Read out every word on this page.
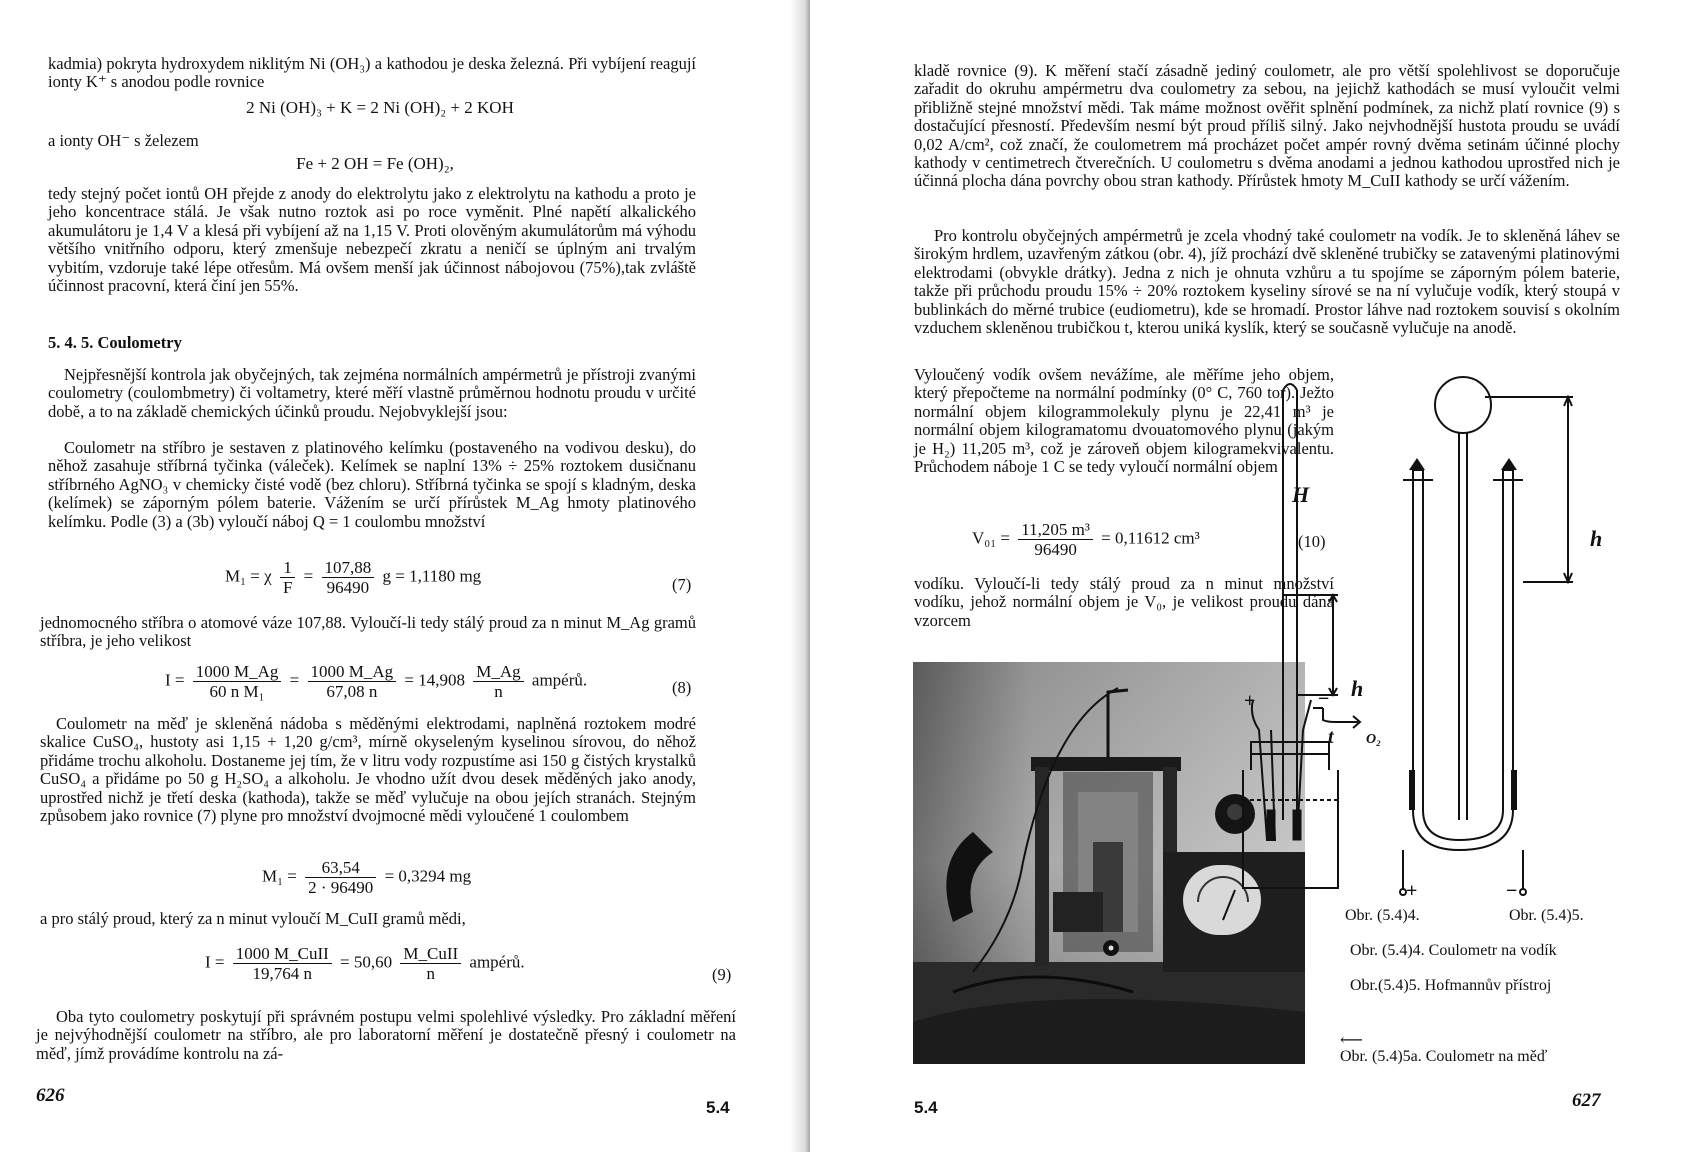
kadmia) pokryta hydroxydem niklitým Ni (OH₃) a kathodou je deska železná. Při vybíjení reagují ionty K⁺ s anodou podle rovnice
2 Ni (OH)₃ + K = 2 Ni (OH)₂ + 2 KOH
a ionty OH⁻ s železem
Fe + 2 OH = Fe (OH)₂,
tedy stejný počet iontů OH přejde z anody do elektrolytu jako z elektrolytu na kathodu a proto je jeho koncentrace stálá. Je však nutno roztok asi po roce vyměnit. Plné napětí alkalického akumulátoru je 1,4 V a klesá při vybíjení až na 1,15 V. Proti olověným akumulátorům má výhodu většího vnitřního odporu, který zmenšuje nebezpečí zkratu a neničí se úplným ani trvalým vybitím, vzdoruje také lépe otřesům. Má ovšem menší jak účinnost nábojovou (75%),tak zvláště účinnost pracovní, která činí jen 55%.
5. 4. 5. Coulometry
Nejpřesnější kontrola jak obyčejných, tak zejména normálních ampérmetrů je přístroji zvanými coulometry (coulombmetry) či voltametry, které měří vlastně průměrnou hodnotu proudu v určité době, a to na základě chemických účinků proudu. Nejobvyklejší jsou:
Coulometr na stříbro je sestaven z platinového kelímku (postaveného na vodivou desku), do něhož zasahuje stříbrná tyčinka (váleček). Kelímek se naplní 13% ÷ 25% roztokem dusičnanu stříbrného AgNO₃ v chemicky čisté vodě (bez chloru). Stříbrná tyčinka se spojí s kladným, deska (kelímek) se záporným pólem baterie. Vážením se určí přírůstek M_Ag hmoty platinového kelímku. Podle (3) a (3b) vyloučí náboj Q = 1 coulombu množství
M₁ = χ $\frac{1}{F} = \frac{107,88}{96490}$ g = 1,1180 mg	(7)
jednomocného stříbra o atomové váze 107,88. Vyloučí-li tedy stálý proud za n minut M_Ag gramů stříbra, je jeho velikost
$I = \frac{1000 M\_Ag}{\text{60 n M₁}} = \frac{1000 M\_Ag}{67,08 n} = 14,908 \frac{M\_Ag}{n}$ ampérů.	(8)
Coulometr na měď je skleněná nádoba s měděnými elektrodami, naplněná roztokem modré skalice CuSO₄, hustoty asi 1,15 + 1,20 g/cm³, mírně okyseleným kyselinou sírovou, do něhož přidáme trochu alkoholu. Dostaneme jej tím, že v litru vody rozpustíme asi 150 g čistých krystalků CuSO₄ a přidáme po 50 g H₂SO₄ a alkoholu. Je vhodno užít dvou desek měděných jako anody, uprostřed nichž je třetí deska (kathoda), takže se měď vylučuje na obou jejích stranách. Stejným způsobem jako rovnice (7) plyne pro množství dvojmocné mědi vyloučené 1 coulombem
$M_1 = \frac{63,54}{2 \cdot 96490} = 0,3294$ mg
a pro stálý proud, který za n minut vyloučí M_CuII gramů mědi,
$I = \frac{\text{1000 M\_CuII}}{19,764 n} = 50,60 \frac{\text{M\_CuII}}{n}$ ampérů.
(9)
Oba tyto coulometry poskytují při správném postupu velmi spolehlivé výsledky. Pro základní měření je nejvýhodnější coulometr na stříbro, ale pro laboratorní měření je dostatečně přesný i coulometr na měď, jímž provádíme kontrolu na zá-
626
5.4
kladě rovnice (9). K měření stačí zásadně jediný coulometr, ale pro větší spolehlivost se doporučuje zařadit do okruhu ampérmetru dva coulometry za sebou, na jejichž kathodách se musí vyloučit velmi přibližně stejné množství mědi. Tak máme možnost ověřit splnění podmínek, za nichž platí rovnice (9) s dostačující přesností. Především nesmí být proud příliš silný. Jako nejvhodnější hustota proudu se uvádí 0,02 A/cm², což značí, že coulometrem má procházet počet ampér rovný dvěma setinám účinné plochy kathody v centimetrech čtverečních. U coulometru s dvěma anodami a jednou kathodou uprostřed nich je účinná plocha dána povrchy obou stran kathody. Přírůstek hmoty M_CuII kathody se určí vážením.
Pro kontrolu obyčejných ampérmetrů je zcela vhodný také coulometr na vodík. Je to skleněná láhev se širokým hrdlem, uzavřeným zátkou (obr. 4), jíž prochází dvě skleněné trubičky se zatavenými platinovými elektrodami (obvykle drátky). Jedna z nich je ohnuta vzhůru a tu spojíme se záporným pólem baterie, takže při průchodu proudu 15% ÷ 20% roztokem kyseliny sírové se na ní vylučuje vodík, který stoupá v bublinkách do měrné trubice (eudiometru), kde se hromadí. Prostor láhve nad roztokem souvisí s okolním vzduchem skleněnou trubičkou t, kterou uniká kyslík, který se současně vylučuje na anodě.
Vyloučený vodík ovšem nevážíme, ale měříme jeho objem, který přepočteme na normální podmínky (0° C, 760 tor). Ježto normální objem kilogrammolekuly plynu je 22,41 m³ je normální objem kilogramatomu dvouatomového plynu (jakým je H₂) 11,205 m³, což je zároveň objem kilogramekvivalentu. Průchodem náboje 1 C se tedy vyloučí normální objem
$V_{01} = \frac{\text{11,205 m³}}{96490} = 0,11612$ cm³	(10)
vodíku. Vyloučí-li tedy stálý proud za n minut množství vodíku, jehož normální objem je V₀, je velikost proudu dána vzorcem
H
h
h
t O₂
+	−
+	−
Obr. (5.4)4.	Obr. (5.4)5.
Obr. (5.4)4. Coulometr na vodík
Obr.(5.4)5. Hofmannův přístroj
⟵
Obr. (5.4)5a. Coulometr na měď
5.4	627
